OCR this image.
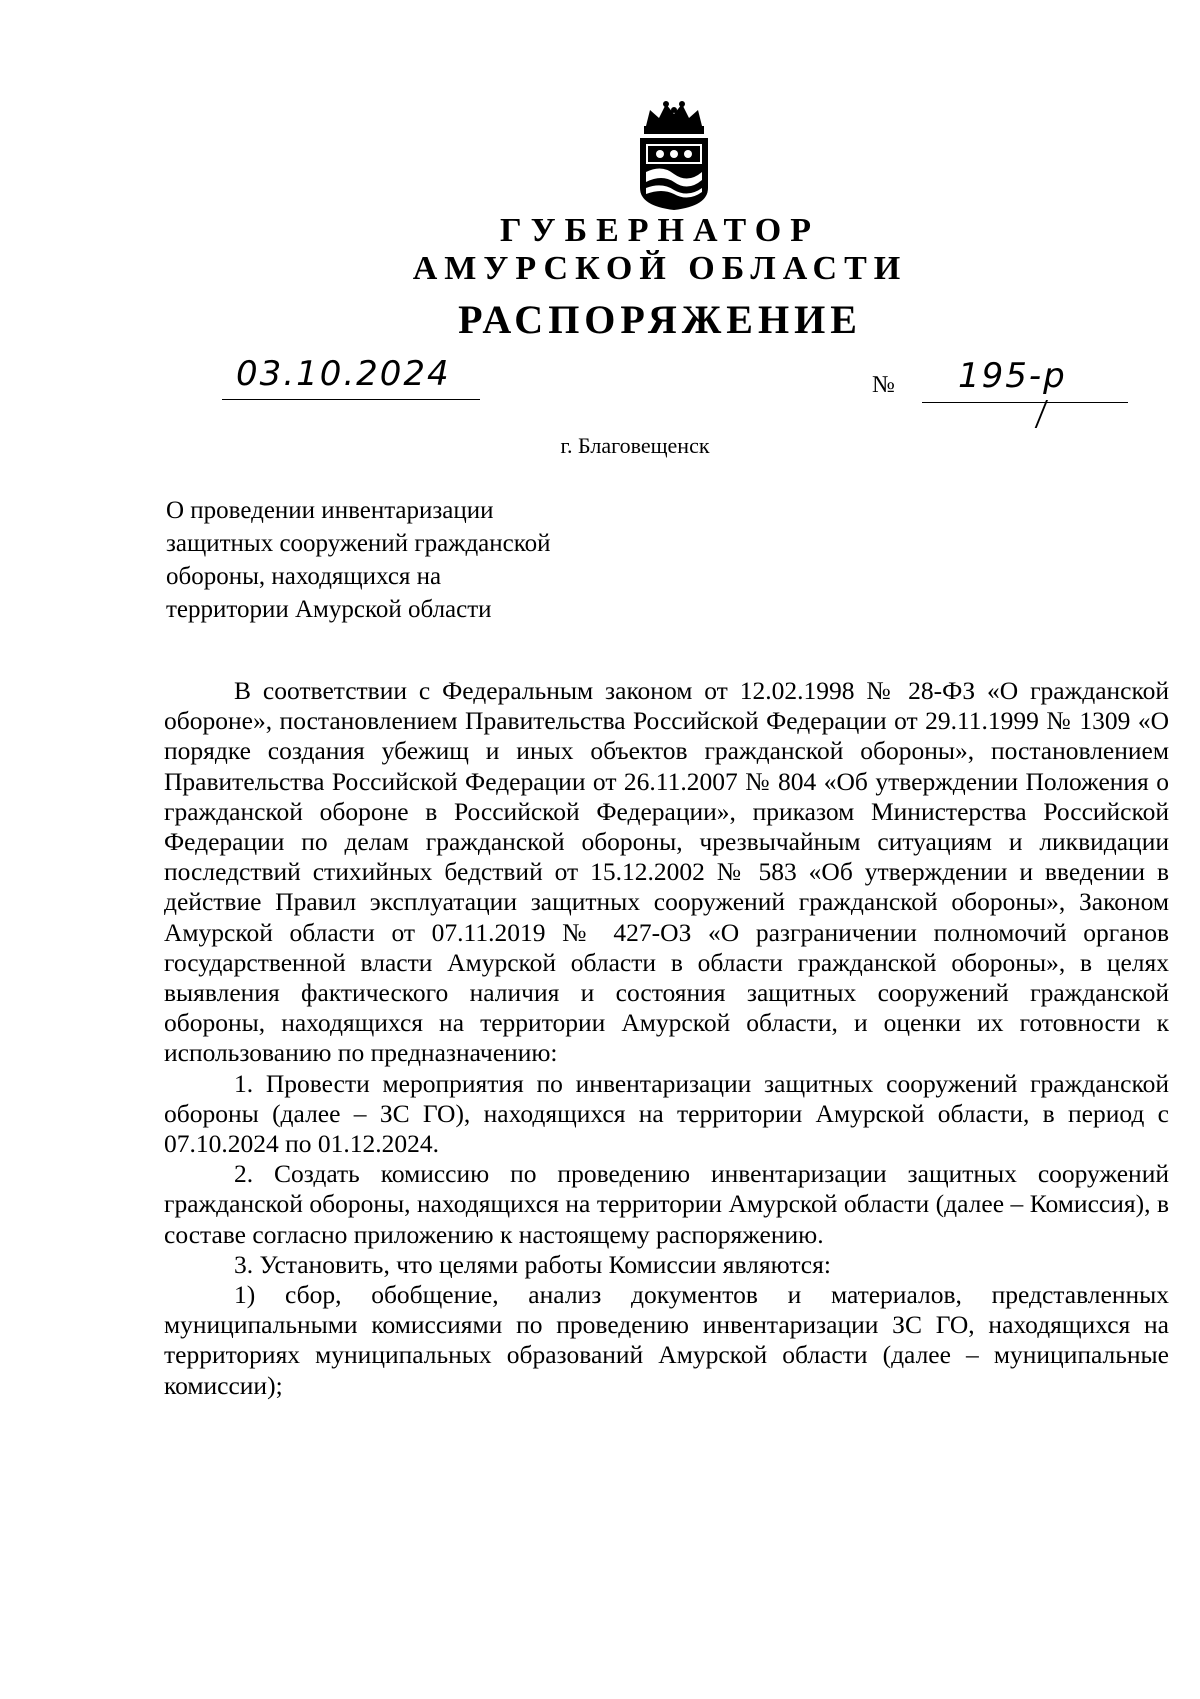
ГУБЕРНАТОР
АМУРСКОЙ ОБЛАСТИ
РАСПОРЯЖЕНИЕ
03.10.2024	№ 195-р
г. Благовещенск
О проведении инвентаризации
защитных сооружений гражданской
обороны, находящихся на
территории Амурской области

В соответствии с Федеральным законом от 12.02.1998 № 28-ФЗ «О гражданской обороне», постановлением Правительства Российской Федерации от 29.11.1999 № 1309 «О порядке создания убежищ и иных объектов гражданской обороны», постановлением Правительства Российской Федерации от 26.11.2007 № 804 «Об утверждении Положения о гражданской обороне в Российской Федерации», приказом Министерства Российской Федерации по делам гражданской обороны, чрезвычайным ситуациям и ликвидации последствий стихийных бедствий от 15.12.2002 № 583 «Об утверждении и введении в действие Правил эксплуатации защитных сооружений гражданской обороны», Законом Амурской области от 07.11.2019 № 427-ОЗ «О разграничении полномочий органов государственной власти Амурской области в области гражданской обороны», в целях выявления фактического наличия и состояния защитных сооружений гражданской обороны, находящихся на территории Амурской области, и оценки их готовности к использованию по предназначению:

1. Провести мероприятия по инвентаризации защитных сооружений гражданской обороны (далее – ЗС ГО), находящихся на территории Амурской области, в период с 07.10.2024 по 01.12.2024.

2. Создать комиссию по проведению инвентаризации защитных сооружений гражданской обороны, находящихся на территории Амурской области (далее – Комиссия), в составе согласно приложению к настоящему распоряжению.

3. Установить, что целями работы Комиссии являются:

1) сбор, обобщение, анализ документов и материалов, представленных муниципальными комиссиями по проведению инвентаризации ЗС ГО, находящихся на территориях муниципальных образований Амурской области (далее – муниципальные комиссии);
